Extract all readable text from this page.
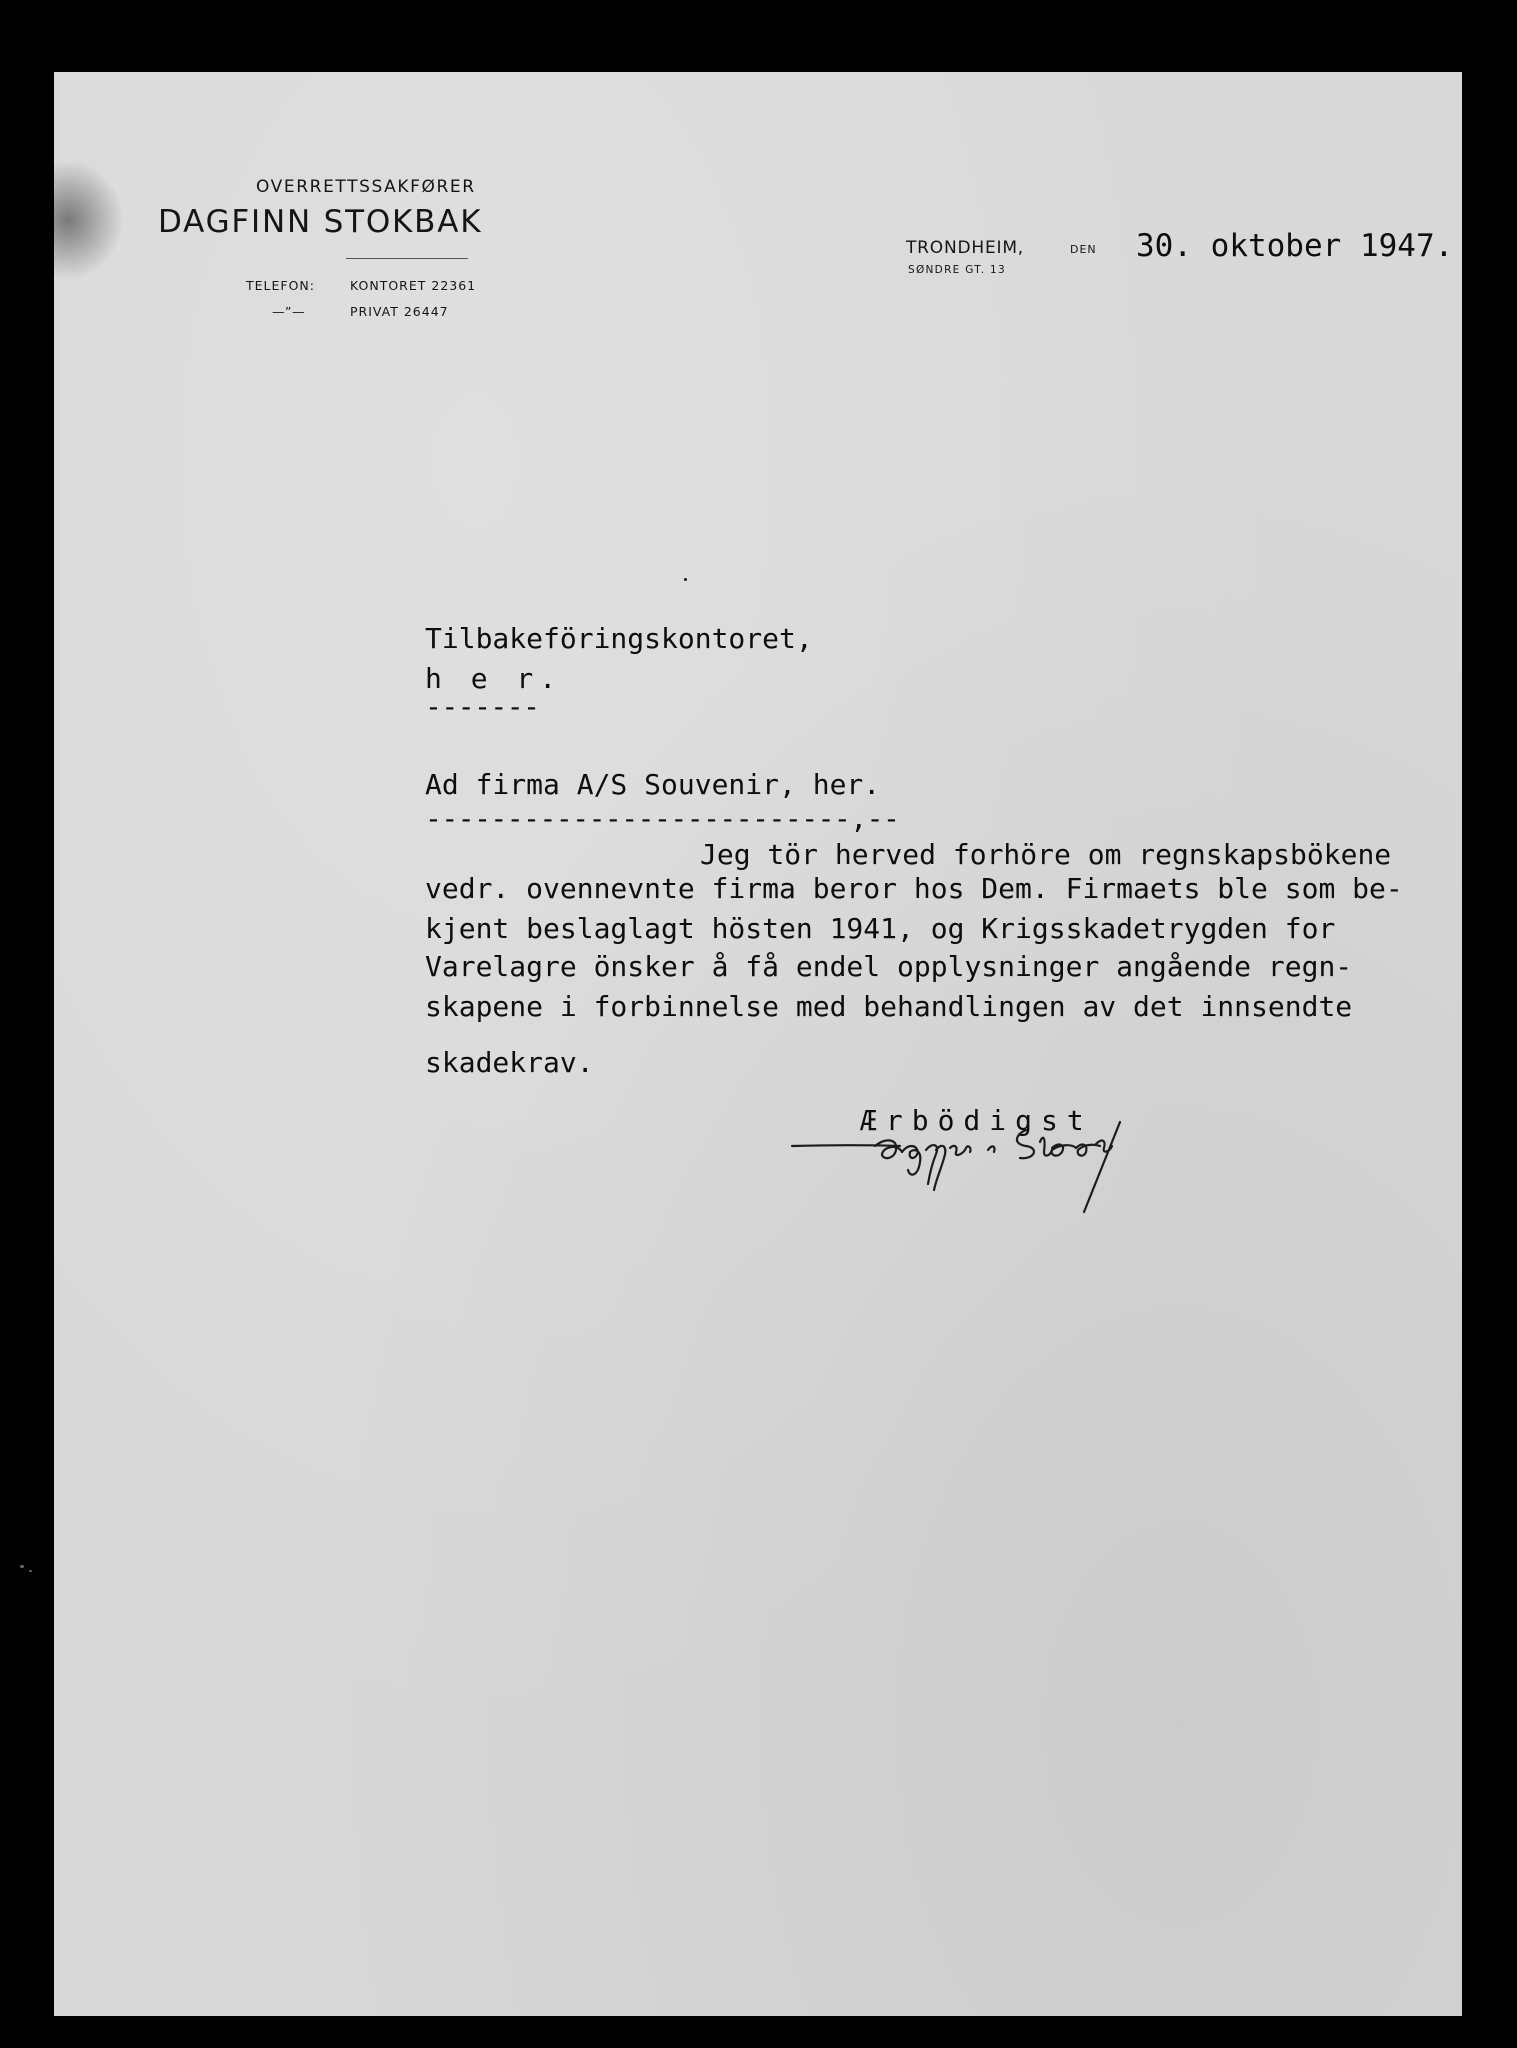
OVERRETTSSAKFØRER
DAGFINN STOKBAK
TELEFON:	KONTORET 22361
—”—	PRIVAT 26447
TRONDHEIM,	DEN
SØNDRE GT. 13
30. oktober 1947.
Tilbakeföringskontoret,
h e r.
-------
Ad firma A/S Souvenir, her.
--------------------------,--
Jeg tör herved forhöre om regnskapsbökene
vedr. ovennevnte firma beror hos Dem. Firmaets ble som be-
kjent beslaglagt hösten 1941, og Krigsskadetrygden for
Varelagre önsker å få endel opplysninger angående regn-
skapene i forbinnelse med behandlingen av det innsendte
skadekrav.
Ærbödigst
